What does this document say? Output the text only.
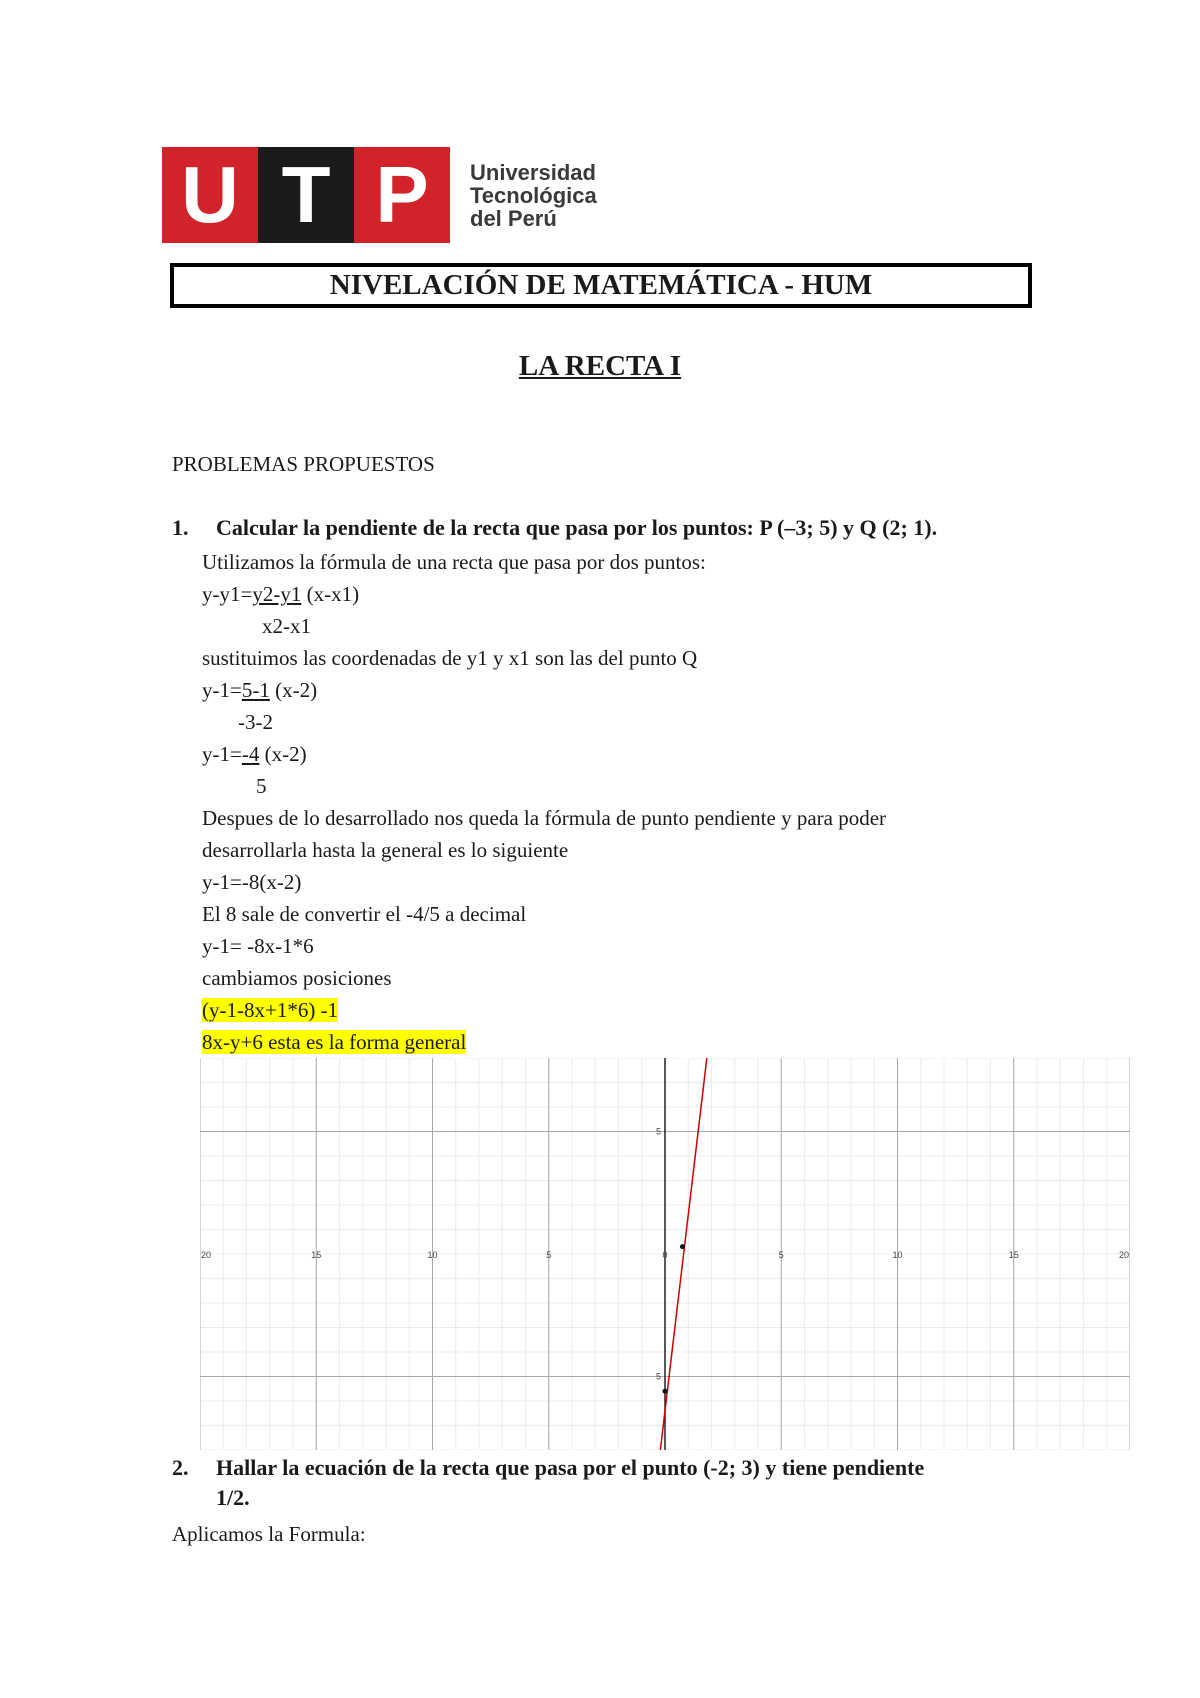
U T P	Universidad
Tecnológica
del Perú
NIVELACIÓN DE MATEMÁTICA - HUM
LA RECTA I
PROBLEMAS PROPUESTOS
1. Calcular la pendiente de la recta que pasa por los puntos: P (–3; 5) y Q (2; 1).
Utilizamos la fórmula de una recta que pasa por dos puntos:
y-y1=y2-y1 (x-x1)
x2-x1
sustituimos las coordenadas de y1 y x1 son las del punto Q
y-1=5-1 (x-2)
-3-2
y-1=-4 (x-2)
5
Despues de lo desarrollado nos queda la fórmula de punto pendiente y para poder
desarrollarla hasta la general es lo siguiente
y-1=-8(x-2)
El 8 sale de convertir el -4/5 a decimal
y-1= -8x-1*6
cambiamos posiciones
(y-1-8x+1*6) -1
8x-y+6 esta es la forma general
20	15	10	5	0	5	10	15	20
5
5
2. Hallar la ecuación de la recta que pasa por el punto (-2; 3) y tiene pendiente
1/2.
Aplicamos la Formula:
